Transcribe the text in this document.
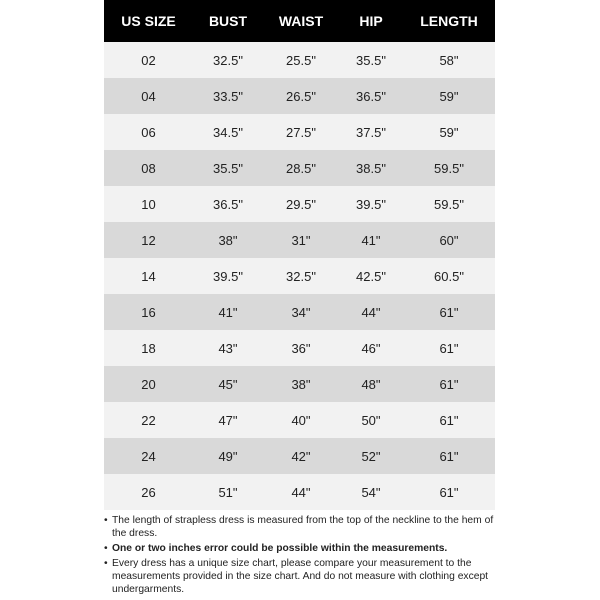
US SIZE	BUST	WAIST	HIP	LENGTH
02	32.5"	25.5"	35.5"	58"
04	33.5"	26.5"	36.5"	59"
06	34.5"	27.5"	37.5"	59"
08	35.5"	28.5"	38.5"	59.5"
10	36.5"	29.5"	39.5"	59.5"
12	38"	31"	41"	60"
14	39.5"	32.5"	42.5"	60.5"
16	41"	34"	44"	61"
18	43"	36"	46"	61"
20	45"	38"	48"	61"
22	47"	40"	50"	61"
24	49"	42"	52"	61"
26	51"	44"	54"	61"
• The length of strapless dress is measured from the top of the neckline to the hem of the dress.
• One or two inches error could be possible within the measurements.
• Every dress has a unique size chart, please compare your measurement to the measurements provided in the size chart. And do not measure with clothing except undergarments.
